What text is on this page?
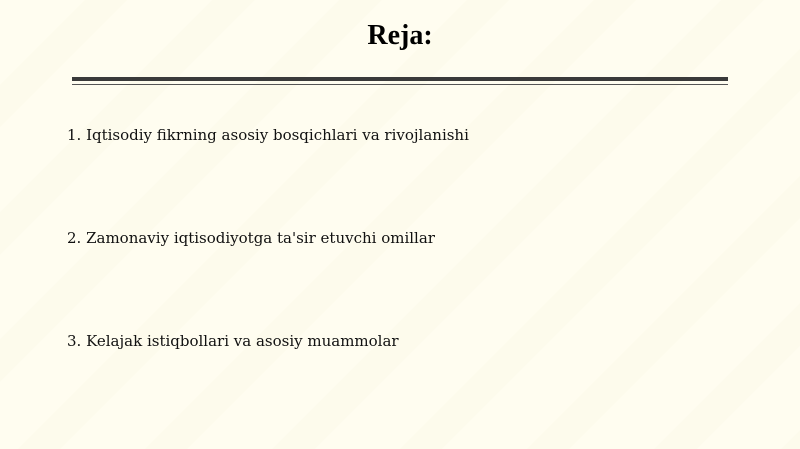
Reja:
1. Iqtisodiy fikrning asosiy bosqichlari va rivojlanishi
2. Zamonaviy iqtisodiyotga ta'sir etuvchi omillar
3. Kelajak istiqbollari va asosiy muammolar
